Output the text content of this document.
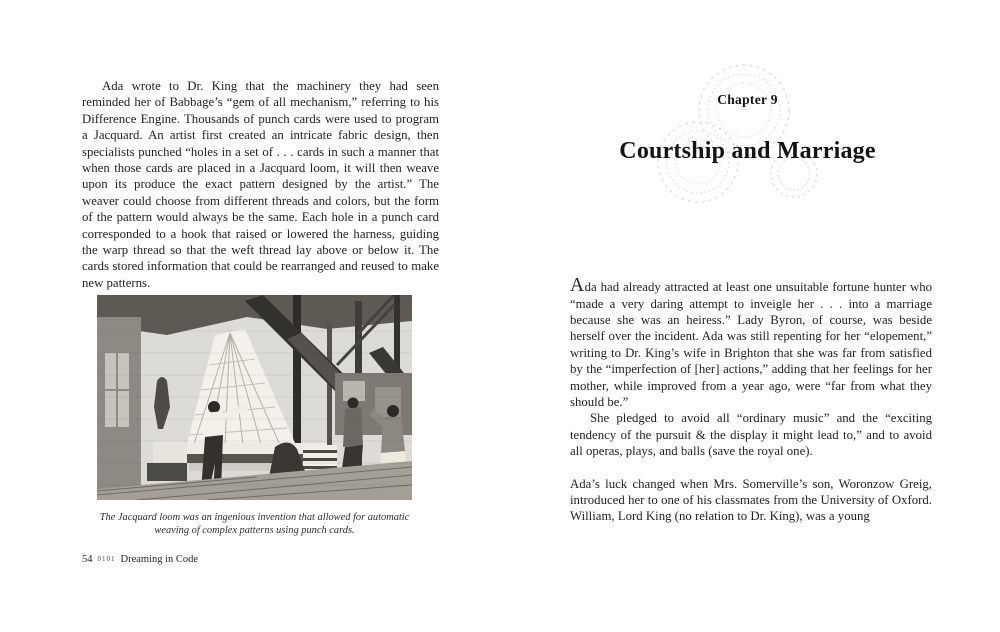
Ada wrote to Dr. King that the machinery they had seen reminded her of Babbage’s “gem of all mechanism,” referring to his Difference Engine. Thousands of punch cards were used to program a Jacquard. An artist first created an intricate fabric design, then specialists punched “holes in a set of . . . cards in such a manner that when those cards are placed in a Jacquard loom, it will then weave upon its produce the exact pattern designed by the artist.” The weaver could choose from different threads and colors, but the form of the pattern would always be the same. Each hole in a punch card corresponded to a hook that raised or lowered the harness, guiding the warp thread so that the weft thread lay above or below it. The cards stored information that could be rearranged and reused to make new patterns.

The Jacquard loom was an ingenious invention that allowed for automatic weaving of complex patterns using punch cards.

54 0101 Dreaming in Code
Chapter 9
Courtship and Marriage

Ada had already attracted at least one unsuitable fortune hunter who “made a very daring attempt to inveigle her . . . into a marriage because she was an heiress.” Lady Byron, of course, was beside herself over the incident. Ada was still repenting for her “elopement,” writing to Dr. King’s wife in Brighton that she was far from satisfied by the “imperfection of [her] actions,” adding that her feelings for her mother, while improved from a year ago, were “far from what they should be.”

She pledged to avoid all “ordinary music” and the “exciting tendency of the pursuit & the display it might lead to,” and to avoid all operas, plays, and balls (save the royal one).

Ada’s luck changed when Mrs. Somerville’s son, Woronzow Greig, introduced her to one of his classmates from the University of Oxford. William, Lord King (no relation to Dr. King), was a young
